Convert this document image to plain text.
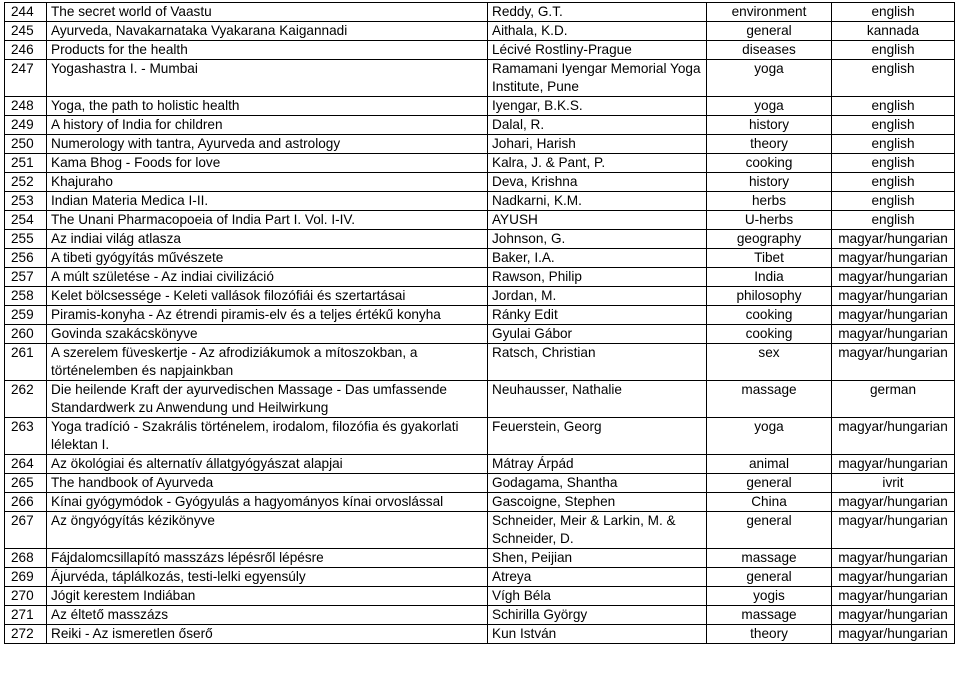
244	The secret world of Vaastu	Reddy, G.T.	environment	english
245	Ayurveda, Navakarnataka Vyakarana Kaigannadi	Aithala, K.D.	general	kannada
246	Products for the health	Lécivé Rostliny-Prague	diseases	english
247	Yogashastra I. - Mumbai	Ramamani Iyengar Memorial Yoga Institute, Pune	yoga	english
248	Yoga, the path to holistic health	Iyengar, B.K.S.	yoga	english
249	A history of India for children	Dalal, R.	history	english
250	Numerology with tantra, Ayurveda and astrology	Johari, Harish	theory	english
251	Kama Bhog - Foods for love	Kalra, J. & Pant, P.	cooking	english
252	Khajuraho	Deva, Krishna	history	english
253	Indian Materia Medica I-II.	Nadkarni, K.M.	herbs	english
254	The Unani Pharmacopoeia of India Part I. Vol. I-IV.	AYUSH	U-herbs	english
255	Az indiai világ atlasza	Johnson, G.	geography	magyar/hungarian
256	A tibeti gyógyítás művészete	Baker, I.A.	Tibet	magyar/hungarian
257	A múlt születése - Az indiai civilizáció	Rawson, Philip	India	magyar/hungarian
258	Kelet bölcsessége - Keleti vallások filozófiái és szertartásai	Jordan, M.	philosophy	magyar/hungarian
259	Piramis-konyha - Az étrendi piramis-elv és a teljes értékű konyha	Ránky Edit	cooking	magyar/hungarian
260	Govinda szakácskönyve	Gyulai Gábor	cooking	magyar/hungarian
261	A szerelem füveskertje - Az afrodiziákumok a mítoszokban, a történelemben és napjainkban	Ratsch, Christian	sex	magyar/hungarian
262	Die heilende Kraft der ayurvedischen Massage - Das umfassende Standardwerk zu Anwendung und Heilwirkung	Neuhausser, Nathalie	massage	german
263	Yoga tradíció - Szakrális történelem, irodalom, filozófia és gyakorlati lélektan I.	Feuerstein, Georg	yoga	magyar/hungarian
264	Az ökológiai és alternatív állatgyógyászat alapjai	Mátray Árpád	animal	magyar/hungarian
265	The handbook of Ayurveda	Godagama, Shantha	general	ivrit
266	Kínai gyógymódok - Gyógyulás a hagyományos kínai orvoslással	Gascoigne, Stephen	China	magyar/hungarian
267	Az öngyógyítás kézikönyve	Schneider, Meir & Larkin, M. & Schneider, D.	general	magyar/hungarian
268	Fájdalomcsillapító masszázs lépésről lépésre	Shen, Peijian	massage	magyar/hungarian
269	Ájurvéda, táplálkozás, testi-lelki egyensúly	Atreya	general	magyar/hungarian
270	Jógit kerestem Indiában	Vígh Béla	yogis	magyar/hungarian
271	Az éltető masszázs	Schirilla György	massage	magyar/hungarian
272	Reiki - Az ismeretlen őserő	Kun István	theory	magyar/hungarian
